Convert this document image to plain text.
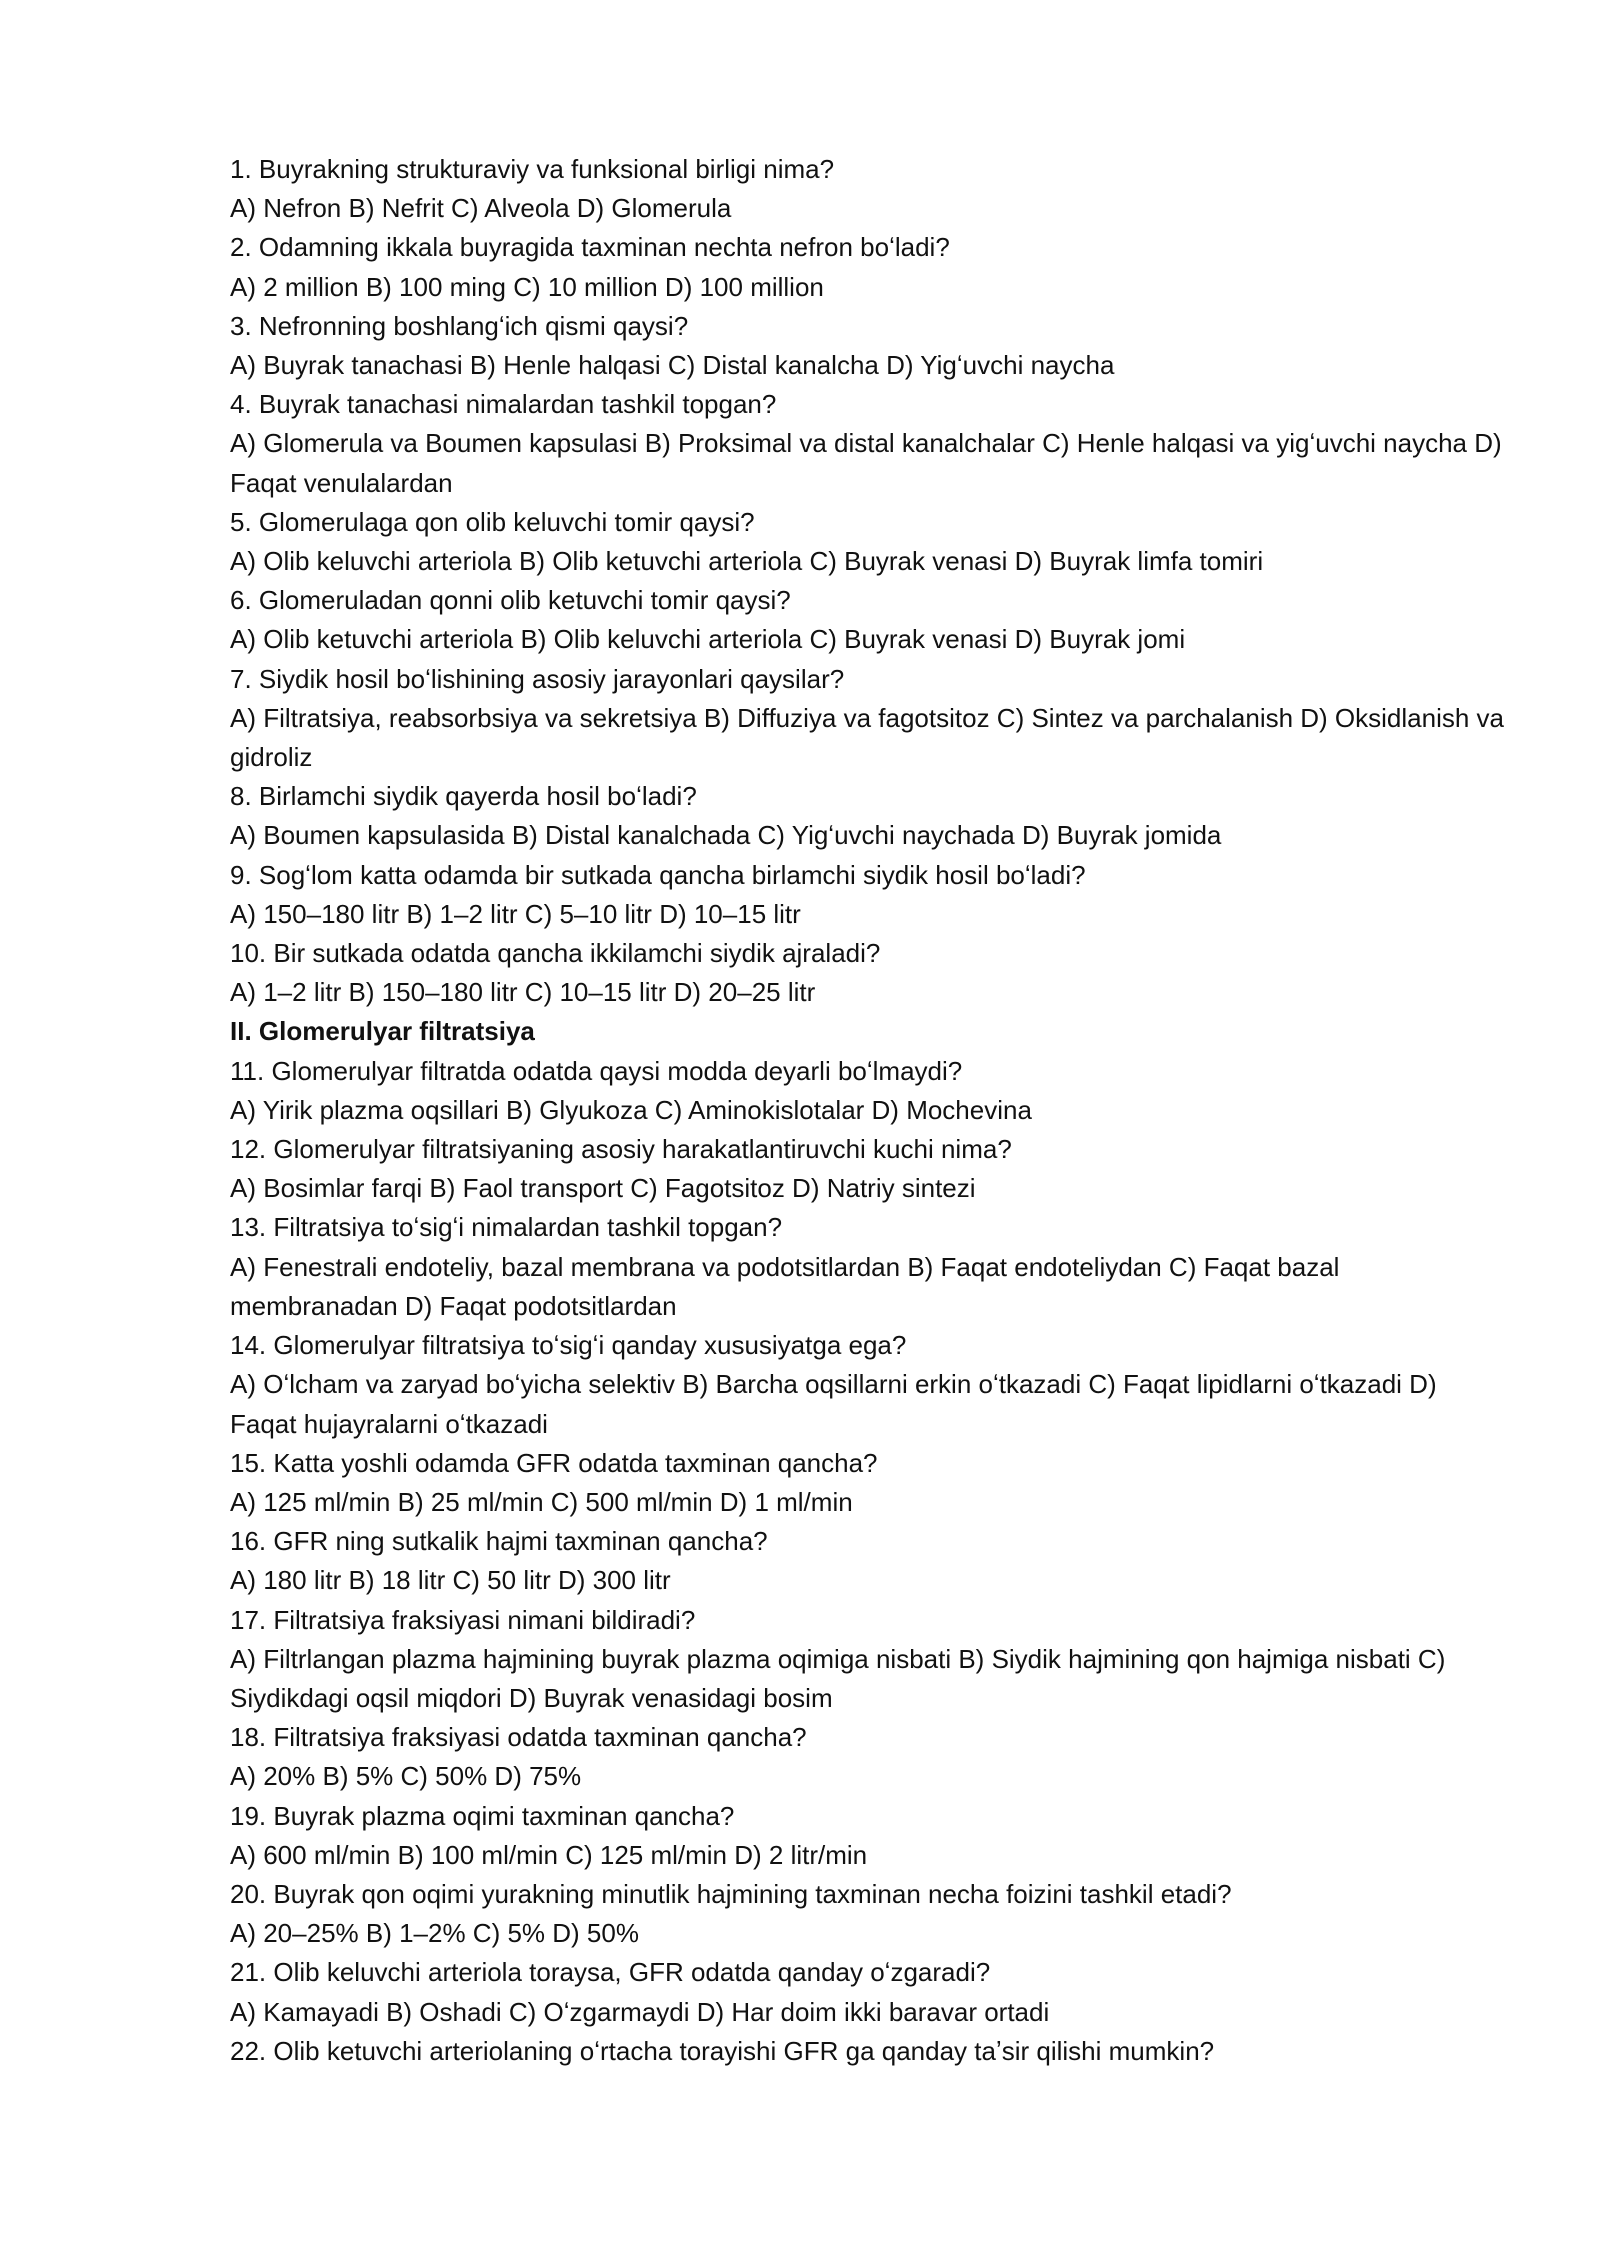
1. Buyrakning strukturaviy va funksional birligi nima?

A) Nefron B) Nefrit C) Alveola D) Glomerula

2. Odamning ikkala buyragida taxminan nechta nefron boʻladi?

A) 2 million B) 100 ming C) 10 million D) 100 million

3. Nefronning boshlangʻich qismi qaysi?

A) Buyrak tanachasi B) Henle halqasi C) Distal kanalcha D) Yigʻuvchi naycha

4. Buyrak tanachasi nimalardan tashkil topgan?

A) Glomerula va Boumen kapsulasi B) Proksimal va distal kanalchalar C) Henle halqasi va yigʻuvchi naycha D) Faqat venulalardan

5. Glomerulaga qon olib keluvchi tomir qaysi?

A) Olib keluvchi arteriola B) Olib ketuvchi arteriola C) Buyrak venasi D) Buyrak limfa tomiri

6. Glomeruladan qonni olib ketuvchi tomir qaysi?

A) Olib ketuvchi arteriola B) Olib keluvchi arteriola C) Buyrak venasi D) Buyrak jomi

7. Siydik hosil boʻlishining asosiy jarayonlari qaysilar?

A) Filtratsiya, reabsorbsiya va sekretsiya B) Diffuziya va fagotsitoz C) Sintez va parchalanish D) Oksidlanish va gidroliz

8. Birlamchi siydik qayerda hosil boʻladi?

A) Boumen kapsulasida B) Distal kanalchada C) Yigʻuvchi naychada D) Buyrak jomida

9. Sogʻlom katta odamda bir sutkada qancha birlamchi siydik hosil boʻladi?

A) 150–180 litr B) 1–2 litr C) 5–10 litr D) 10–15 litr

10. Bir sutkada odatda qancha ikkilamchi siydik ajraladi?

A) 1–2 litr B) 150–180 litr C) 10–15 litr D) 20–25 litr

II. Glomerulyar filtratsiya

11. Glomerulyar filtratda odatda qaysi modda deyarli boʻlmaydi?

A) Yirik plazma oqsillari B) Glyukoza C) Aminokislotalar D) Mochevina

12. Glomerulyar filtratsiyaning asosiy harakatlantiruvchi kuchi nima?

A) Bosimlar farqi B) Faol transport C) Fagotsitoz D) Natriy sintezi

13. Filtratsiya toʻsigʻi nimalardan tashkil topgan?

A) Fenestrali endoteliy, bazal membrana va podotsitlardan B) Faqat endoteliydan C) Faqat bazal membranadan D) Faqat podotsitlardan

14. Glomerulyar filtratsiya toʻsigʻi qanday xususiyatga ega?

A) Oʻlcham va zaryad boʻyicha selektiv B) Barcha oqsillarni erkin oʻtkazadi C) Faqat lipidlarni oʻtkazadi D) Faqat hujayralarni oʻtkazadi

15. Katta yoshli odamda GFR odatda taxminan qancha?

A) 125 ml/min B) 25 ml/min C) 500 ml/min D) 1 ml/min

16. GFR ning sutkalik hajmi taxminan qancha?

A) 180 litr B) 18 litr C) 50 litr D) 300 litr

17. Filtratsiya fraksiyasi nimani bildiradi?

A) Filtrlangan plazma hajmining buyrak plazma oqimiga nisbati B) Siydik hajmining qon hajmiga nisbati C) Siydikdagi oqsil miqdori D) Buyrak venasidagi bosim

18. Filtratsiya fraksiyasi odatda taxminan qancha?

A) 20% B) 5% C) 50% D) 75%

19. Buyrak plazma oqimi taxminan qancha?

A) 600 ml/min B) 100 ml/min C) 125 ml/min D) 2 litr/min

20. Buyrak qon oqimi yurakning minutlik hajmining taxminan necha foizini tashkil etadi?

A) 20–25% B) 1–2% C) 5% D) 50%

21. Olib keluvchi arteriola toraysa, GFR odatda qanday oʻzgaradi?

A) Kamayadi B) Oshadi C) Oʻzgarmaydi D) Har doim ikki baravar ortadi

22. Olib ketuvchi arteriolaning oʻrtacha torayishi GFR ga qanday taʼsir qilishi mumkin?
